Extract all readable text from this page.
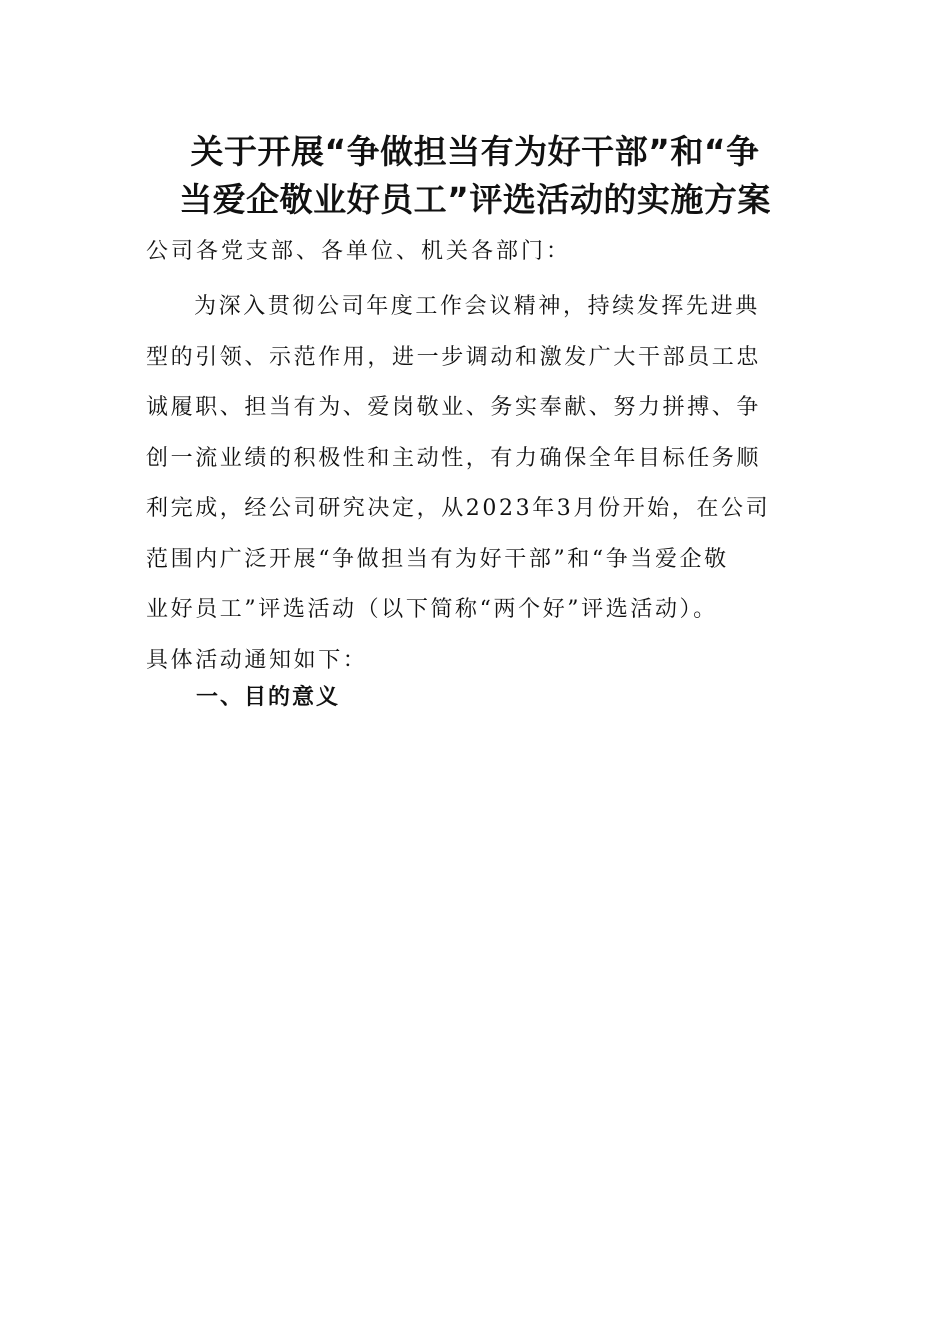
关于开展“争做担当有为好干部”和“争
当爱企敬业好员工”评选活动的实施方案

公司各党支部、各单位、机关各部门：

为深入贯彻公司年度工作会议精神，持续发挥先进典
型的引领、示范作用，进一步调动和激发广大干部员工忠
诚履职、担当有为、爱岗敬业、务实奉献、努力拼搏、争
创一流业绩的积极性和主动性，有力确保全年目标任务顺
利完成，经公司研究决定，从2023年3月份开始，在公司
范围内广泛开展“争做担当有为好干部”和“争当爱企敬
业好员工”评选活动（以下简称“两个好”评选活动）。
具体活动通知如下：
一、目的意义
